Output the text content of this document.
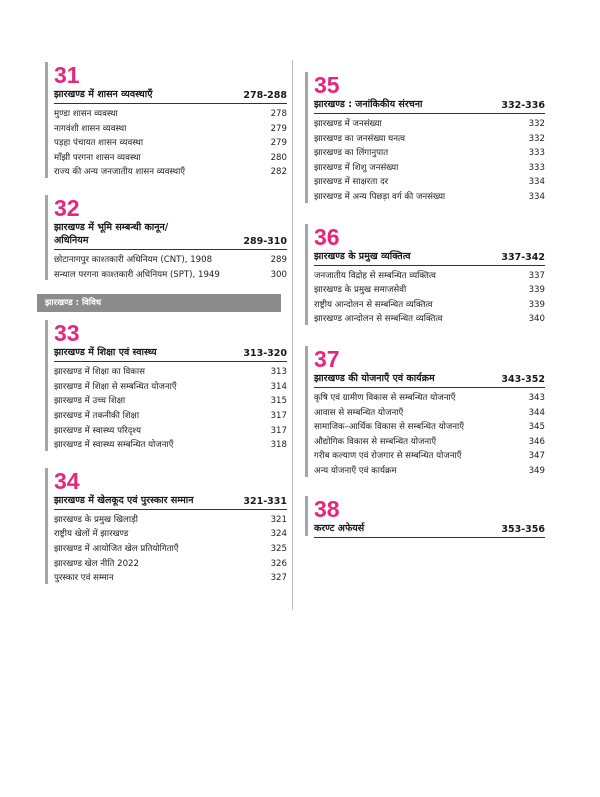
31
झारखण्ड में शासन व्यवस्थाएँ	278-288
मुण्डा शासन व्यवस्था	278
नागवंशी शासन व्यवस्था	279
पड़हा पंचायत शासन व्यवस्था	279
माँझी परगना शासन व्यवस्था	280
राज्य की अन्य जनजातीय शासन व्यवस्थाएँ	282
32
झारखण्ड में भूमि सम्बन्धी कानून/ अधिनियम	289-310
छोटानागपुर काश्तकारी अधिनियम (CNT), 1908	289
सन्थाल परगना काश्तकारी अधिनियम (SPT), 1949	300
झारखण्ड : विविध
33
झारखण्ड में शिक्षा एवं स्वास्थ्य	313-320
झारखण्ड में शिक्षा का विकास	313
झारखण्ड में शिक्षा से सम्बन्धित योजनाएँ	314
झारखण्ड में उच्च शिक्षा	315
झारखण्ड में तकनीकी शिक्षा	317
झारखण्ड में स्वास्थ्य परिदृश्य	317
झारखण्ड में स्वास्थ्य सम्बन्धित योजनाएँ	318
34
झारखण्ड में खेलकूद एवं पुरस्कार सम्मान	321-331
झारखण्ड के प्रमुख खिलाड़ी	321
राष्ट्रीय खेलों में झारखण्ड	324
झारखण्ड में आयोजित खेल प्रतियोगिताएँ	325
झारखण्ड खेल नीति 2022	326
पुरस्कार एवं सम्मान	327
35
झारखण्ड : जनांकिकीय संरचना	332-336
झारखण्ड में जनसंख्या	332
झारखण्ड का जनसंख्या घनत्व	332
झारखण्ड का लिंगानुपात	333
झारखण्ड में शिशु जनसंख्या	333
झारखण्ड में साक्षरता दर	334
झारखण्ड में अन्य पिछड़ा वर्ग की जनसंख्या	334
36
झारखण्ड के प्रमुख व्यक्तित्व	337-342
जनजातीय विद्रोह से सम्बन्धित व्यक्तित्व	337
झारखण्ड के प्रमुख समाजसेवी	339
राष्ट्रीय आन्दोलन से सम्बन्धित व्यक्तित्व	339
झारखण्ड आन्दोलन से सम्बन्धित व्यक्तित्व	340
37
झारखण्ड की योजनाएँ एवं कार्यक्रम	343-352
कृषि एवं ग्रामीण विकास से सम्बन्धित योजनाएँ	343
आवास से सम्बन्धित योजनाएँ	344
सामाजिक–आर्थिक विकास से सम्बन्धित योजनाएँ	345
औद्योगिक विकास से सम्बन्धित योजनाएँ	346
गरीब कल्याण एवं रोजगार से सम्बन्धित योजनाएँ	347
अन्य योजनाएँ एवं कार्यक्रम	349
38
करण्ट अफेयर्स	353-356
